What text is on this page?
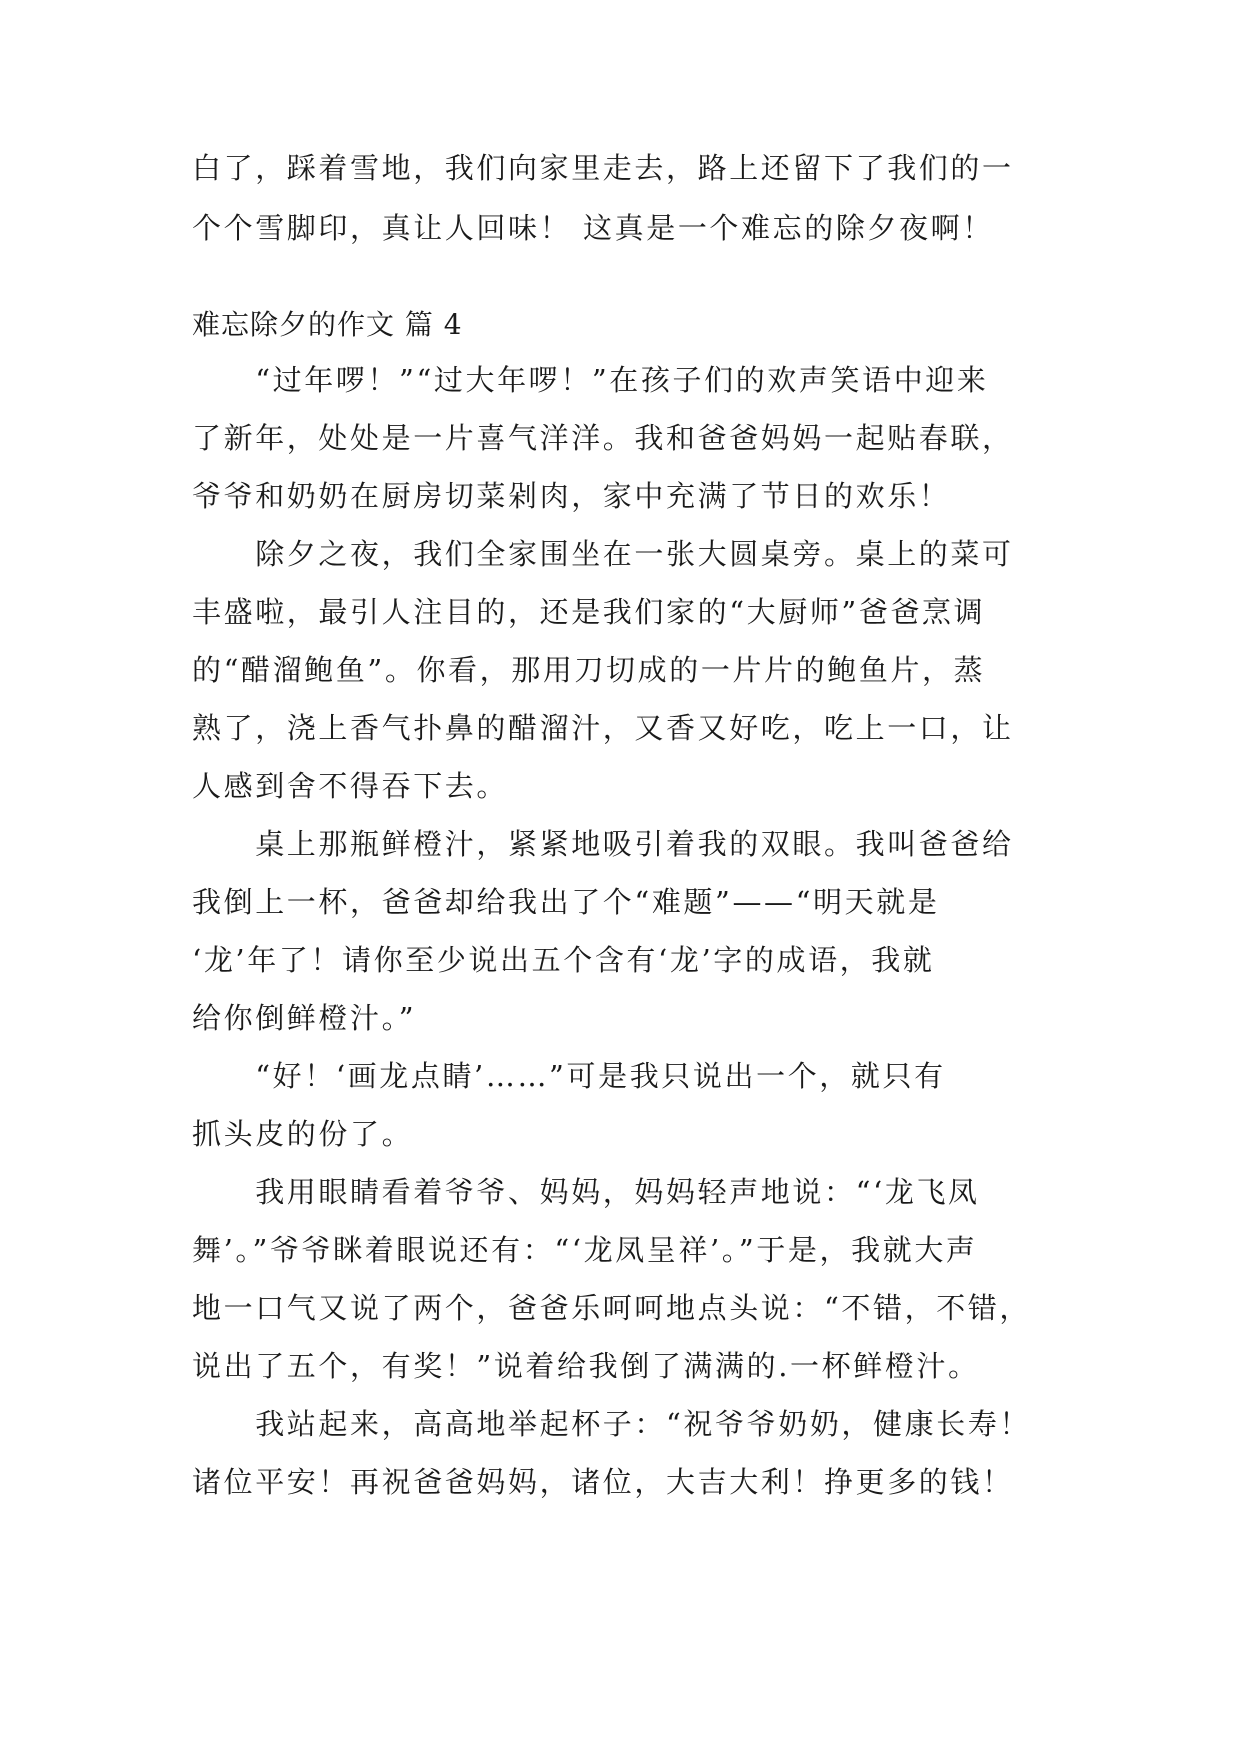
白了，踩着雪地，我们向家里走去，路上还留下了我们的一
个个雪脚印，真让人回味！ 这真是一个难忘的除夕夜啊！
难忘除夕的作文 篇 4
　　“过年啰！”“过大年啰！”在孩子们的欢声笑语中迎来
了新年，处处是一片喜气洋洋。我和爸爸妈妈一起贴春联，
爷爷和奶奶在厨房切菜剁肉，家中充满了节日的欢乐！
　　除夕之夜，我们全家围坐在一张大圆桌旁。桌上的菜可
丰盛啦，最引人注目的，还是我们家的“大厨师”爸爸烹调
的“醋溜鲍鱼”。你看，那用刀切成的一片片的鲍鱼片，蒸
熟了，浇上香气扑鼻的醋溜汁，又香又好吃，吃上一口，让
人感到舍不得吞下去。
　　桌上那瓶鲜橙汁，紧紧地吸引着我的双眼。我叫爸爸给
我倒上一杯，爸爸却给我出了个“难题”——“明天就是
‘龙’年了！请你至少说出五个含有‘龙’字的成语，我就
给你倒鲜橙汁。”
　　“好！‘画龙点睛’……”可是我只说出一个，就只有
抓头皮的份了。
　　我用眼睛看着爷爷、妈妈，妈妈轻声地说：“‘龙飞凤
舞’。”爷爷眯着眼说还有：“‘龙凤呈祥’。”于是，我就大声
地一口气又说了两个，爸爸乐呵呵地点头说：“不错，不错，
说出了五个，有奖！”说着给我倒了满满的.一杯鲜橙汁。
　　我站起来，高高地举起杯子：“祝爷爷奶奶，健康长寿！
诸位平安！再祝爸爸妈妈，诸位，大吉大利！挣更多的钱！
